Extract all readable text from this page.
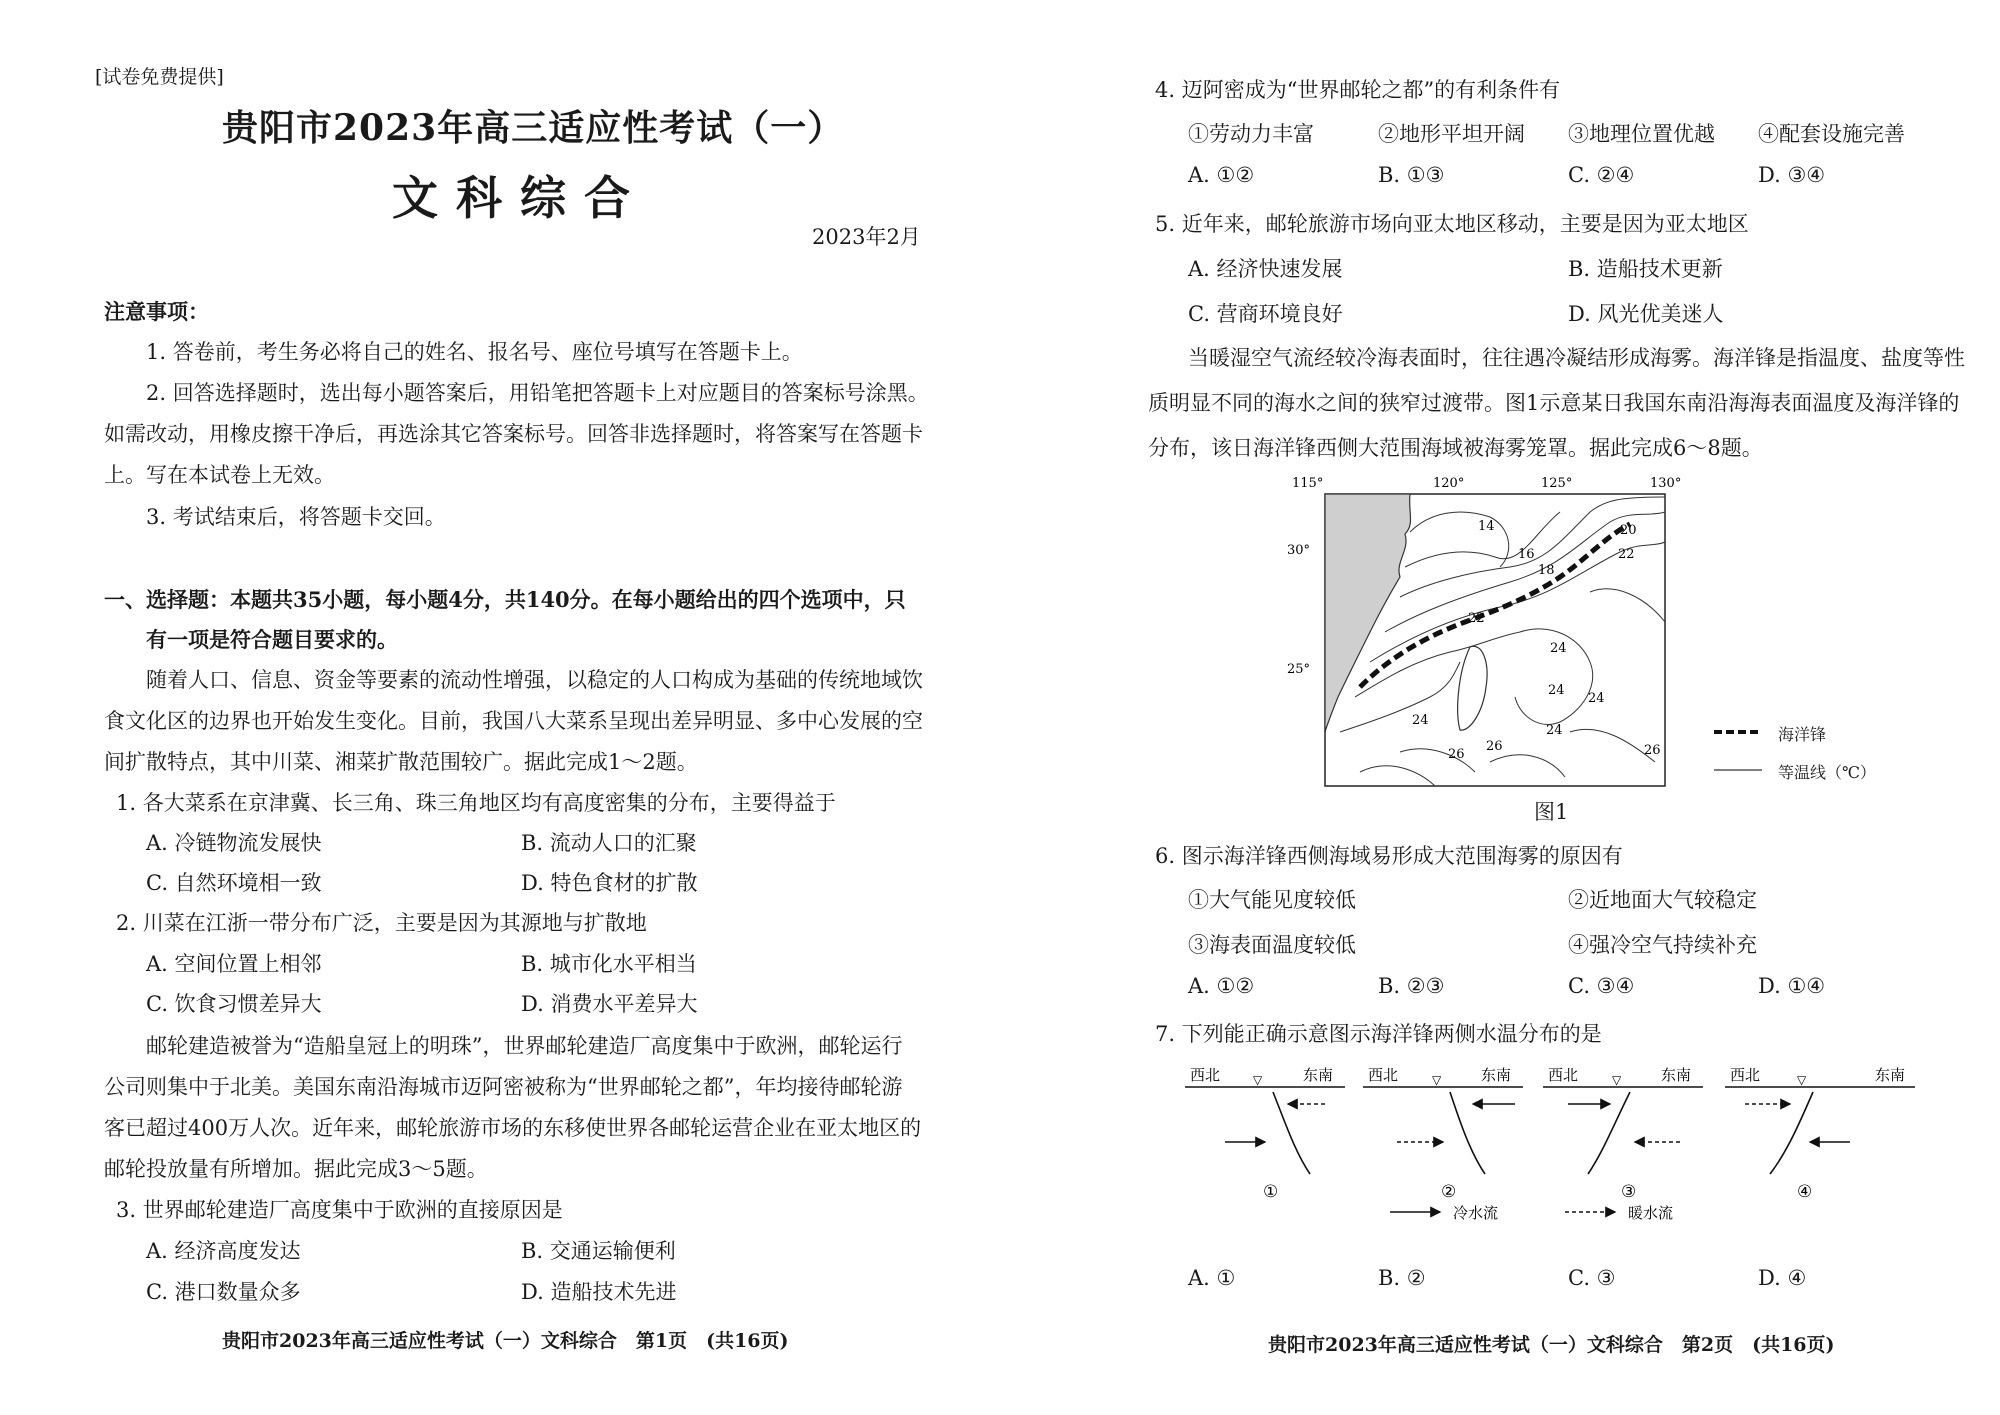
[试卷免费提供]
贵阳市2023年高三适应性考试（一）
文科综合
2023年2月
注意事项：
1. 答卷前，考生务必将自己的姓名、报名号、座位号填写在答题卡上。
2. 回答选择题时，选出每小题答案后，用铅笔把答题卡上对应题目的答案标号涂黑。
如需改动，用橡皮擦干净后，再选涂其它答案标号。回答非选择题时，将答案写在答题卡
上。写在本试卷上无效。
3. 考试结束后，将答题卡交回。
一、选择题：本题共35小题，每小题4分，共140分。在每小题给出的四个选项中，只
有一项是符合题目要求的。
随着人口、信息、资金等要素的流动性增强，以稳定的人口构成为基础的传统地域饮
食文化区的边界也开始发生变化。目前，我国八大菜系呈现出差异明显、多中心发展的空
间扩散特点，其中川菜、湘菜扩散范围较广。据此完成1～2题。
1. 各大菜系在京津冀、长三角、珠三角地区均有高度密集的分布，主要得益于
A. 冷链物流发展快	B. 流动人口的汇聚
C. 自然环境相一致	D. 特色食材的扩散
2. 川菜在江浙一带分布广泛，主要是因为其源地与扩散地
A. 空间位置上相邻	B. 城市化水平相当
C. 饮食习惯差异大	D. 消费水平差异大
邮轮建造被誉为“造船皇冠上的明珠”，世界邮轮建造厂高度集中于欧洲，邮轮运行
公司则集中于北美。美国东南沿海城市迈阿密被称为“世界邮轮之都”，年均接待邮轮游
客已超过400万人次。近年来，邮轮旅游市场的东移使世界各邮轮运营企业在亚太地区的
邮轮投放量有所增加。据此完成3～5题。
3. 世界邮轮建造厂高度集中于欧洲的直接原因是
A. 经济高度发达	B. 交通运输便利
C. 港口数量众多	D. 造船技术先进
贵阳市2023年高三适应性考试（一）文科综合　第1页　(共16页)
4. 迈阿密成为“世界邮轮之都”的有利条件有
①劳动力丰富	②地形平坦开阔 ③地理位置优越 ④配套设施完善
A. ①②	B. ①③	C. ②④	D. ③④
5. 近年来，邮轮旅游市场向亚太地区移动，主要是因为亚太地区
A. 经济快速发展	B. 造船技术更新
C. 营商环境良好	D. 风光优美迷人
当暖湿空气流经较冷海表面时，往往遇冷凝结形成海雾。海洋锋是指温度、盐度等性
质明显不同的海水之间的狭窄过渡带。图1示意某日我国东南沿海海表面温度及海洋锋的
分布，该日海洋锋西侧大范围海域被海雾笼罩。据此完成6～8题。
115°	120°	125°	130°
30°
25°
14
16
18
20
22
22
24
24
24
24
24
26
26	26
海洋锋
等温线（℃）
图1
6. 图示海洋锋西侧海域易形成大范围海雾的原因有
①大气能见度较低	②近地面大气较稳定
③海表面温度较低	④强冷空气持续补充
A. ①②	B. ②③	C. ③④	D. ①④
7. 下列能正确示意图示海洋锋两侧水温分布的是
西北	▽	东南 西北	▽	东南 西北	▽	东南	西北	▽	东南
①	②	③	④
冷水流	暖水流
A. ①	B. ②	C. ③	D. ④
贵阳市2023年高三适应性考试（一）文科综合　第2页　(共16页)
